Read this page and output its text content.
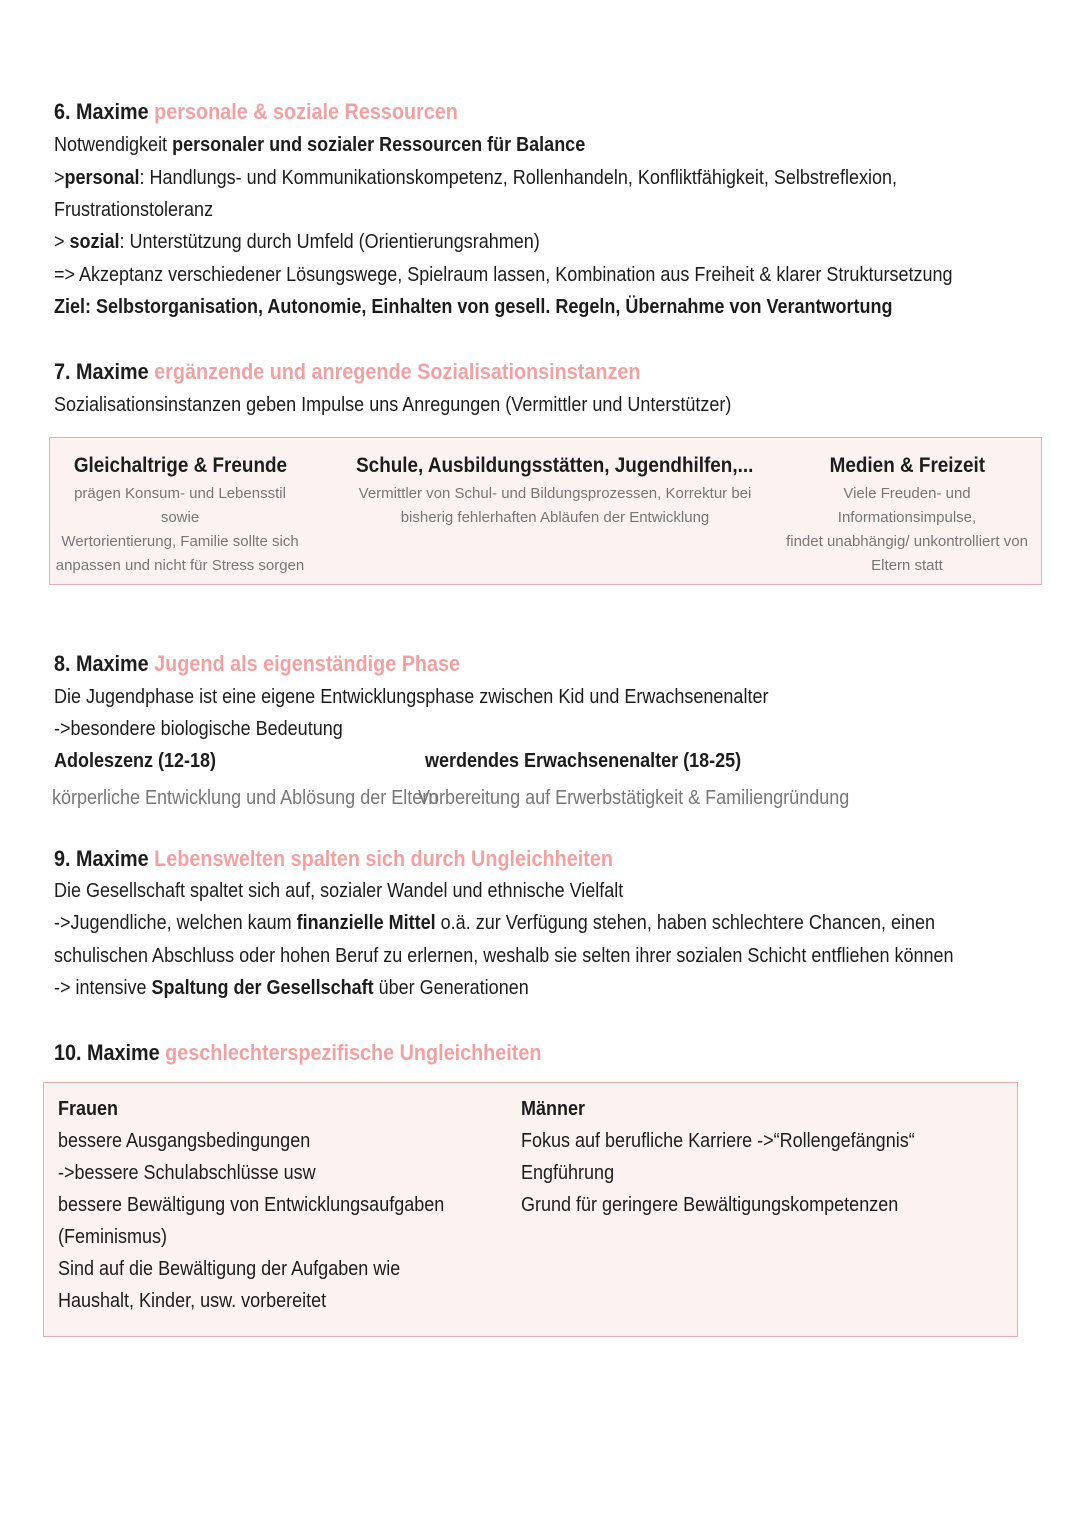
6. Maxime personale & soziale Ressourcen
Notwendigkeit personaler und sozialer Ressourcen für Balance
>personal: Handlungs- und Kommunikationskompetenz, Rollenhandeln, Konfliktfähigkeit, Selbstreflexion,
Frustrationstoleranz
> sozial: Unterstützung durch Umfeld (Orientierungsrahmen)
=> Akzeptanz verschiedener Lösungswege, Spielraum lassen, Kombination aus Freiheit & klarer Struktursetzung
Ziel: Selbstorganisation, Autonomie, Einhalten von gesell. Regeln, Übernahme von Verantwortung
7. Maxime ergänzende und anregende Sozialisationsinstanzen
Sozialisationsinstanzen geben Impulse uns Anregungen (Vermittler und Unterstützer)
Gleichaltrige & Freunde
prägen Konsum- und Lebensstil sowie
Wertorientierung, Familie sollte sich
anpassen und nicht für Stress sorgen
Schule, Ausbildungsstätten, Jugendhilfen,...
Vermittler von Schul- und Bildungsprozessen, Korrektur bei
bisherig fehlerhaften Abläufen der Entwicklung
Medien & Freizeit
Viele Freuden- und Informationsimpulse,
findet unabhängig/ unkontrolliert von
Eltern statt
8. Maxime Jugend als eigenständige Phase
Die Jugendphase ist eine eigene Entwicklungsphase zwischen Kid und Erwachsenenalter
->besondere biologische Bedeutung
Adoleszenz (12-18)	werdendes Erwachsenenalter (18-25)
körperliche Entwicklung und Ablösung der Eltern
Vorbereitung auf Erwerbstätigkeit & Familiengründung
9. Maxime Lebenswelten spalten sich durch Ungleichheiten
Die Gesellschaft spaltet sich auf, sozialer Wandel und ethnische Vielfalt
->Jugendliche, welchen kaum finanzielle Mittel o.ä. zur Verfügung stehen, haben schlechtere Chancen, einen
schulischen Abschluss oder hohen Beruf zu erlernen, weshalb sie selten ihrer sozialen Schicht entfliehen können
-> intensive Spaltung der Gesellschaft über Generationen
10. Maxime geschlechterspezifische Ungleichheiten
Frauen
bessere Ausgangsbedingungen
->bessere Schulabschlüsse usw
bessere Bewältigung von Entwicklungsaufgaben
(Feminismus)
Sind auf die Bewältigung der Aufgaben wie
Haushalt, Kinder, usw. vorbereitet
Männer
Fokus auf berufliche Karriere ->“Rollengefängnis“
Engführung
Grund für geringere Bewältigungskompetenzen
